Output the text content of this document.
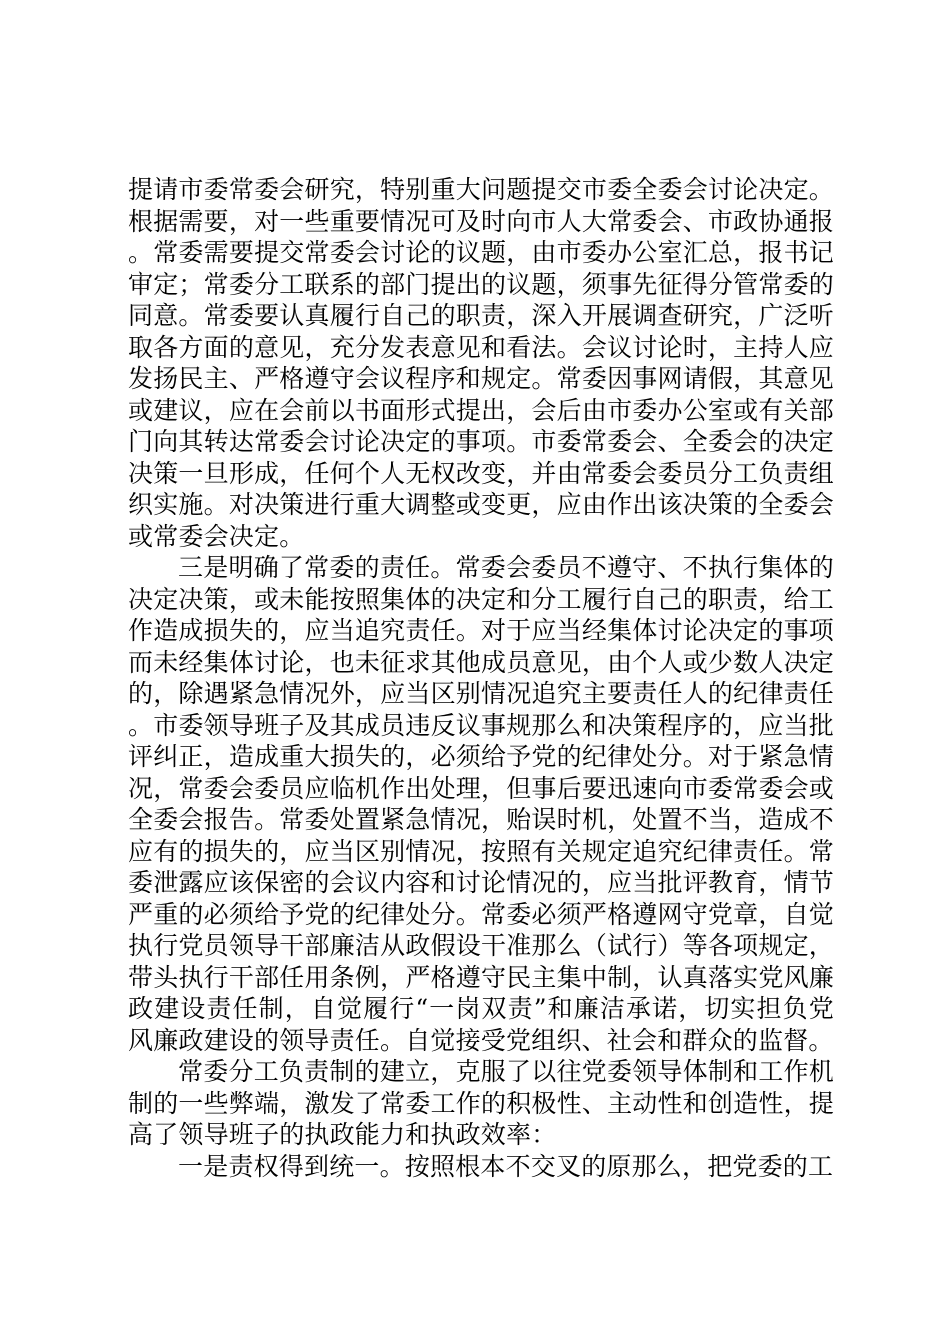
提请市委常委会研究，特别重大问题提交市委全委会讨论决定。根据需要，对一些重要情况可及时向市人大常委会、市政协通报。常委需要提交常委会讨论的议题，由市委办公室汇总，报书记审定；常委分工联系的部门提出的议题，须事先征得分管常委的同意。常委要认真履行自己的职责，深入开展调查研究，广泛听取各方面的意见，充分发表意见和看法。会议讨论时，主持人应发扬民主、严格遵守会议程序和规定。常委因事网请假，其意见或建议，应在会前以书面形式提出，会后由市委办公室或有关部门向其转达常委会讨论决定的事项。市委常委会、全委会的决定决策一旦形成，任何个人无权改变，并由常委会委员分工负责组织实施。对决策进行重大调整或变更，应由作出该决策的全委会或常委会决定。

三是明确了常委的责任。常委会委员不遵守、不执行集体的决定决策，或未能按照集体的决定和分工履行自己的职责，给工作造成损失的，应当追究责任。对于应当经集体讨论决定的事项而未经集体讨论，也未征求其他成员意见，由个人或少数人决定的，除遇紧急情况外，应当区别情况追究主要责任人的纪律责任。市委领导班子及其成员违反议事规那么和决策程序的，应当批评纠正，造成重大损失的，必须给予党的纪律处分。对于紧急情况，常委会委员应临机作出处理，但事后要迅速向市委常委会或全委会报告。常委处置紧急情况，贻误时机，处置不当，造成不应有的损失的，应当区别情况，按照有关规定追究纪律责任。常委泄露应该保密的会议内容和讨论情况的，应当批评教育，情节严重的必须给予党的纪律处分。常委必须严格遵网守党章，自觉执行党员领导干部廉洁从政假设干准那么（试行）等各项规定，带头执行干部任用条例，严格遵守民主集中制，认真落实党风廉政建设责任制，自觉履行“一岗双责”和廉洁承诺，切实担负党风廉政建设的领导责任。自觉接受党组织、社会和群众的监督。

常委分工负责制的建立，克服了以往党委领导体制和工作机制的一些弊端，激发了常委工作的积极性、主动性和创造性，提高了领导班子的执政能力和执政效率：

一是责权得到统一。按照根本不交叉的原那么，把党委的工
